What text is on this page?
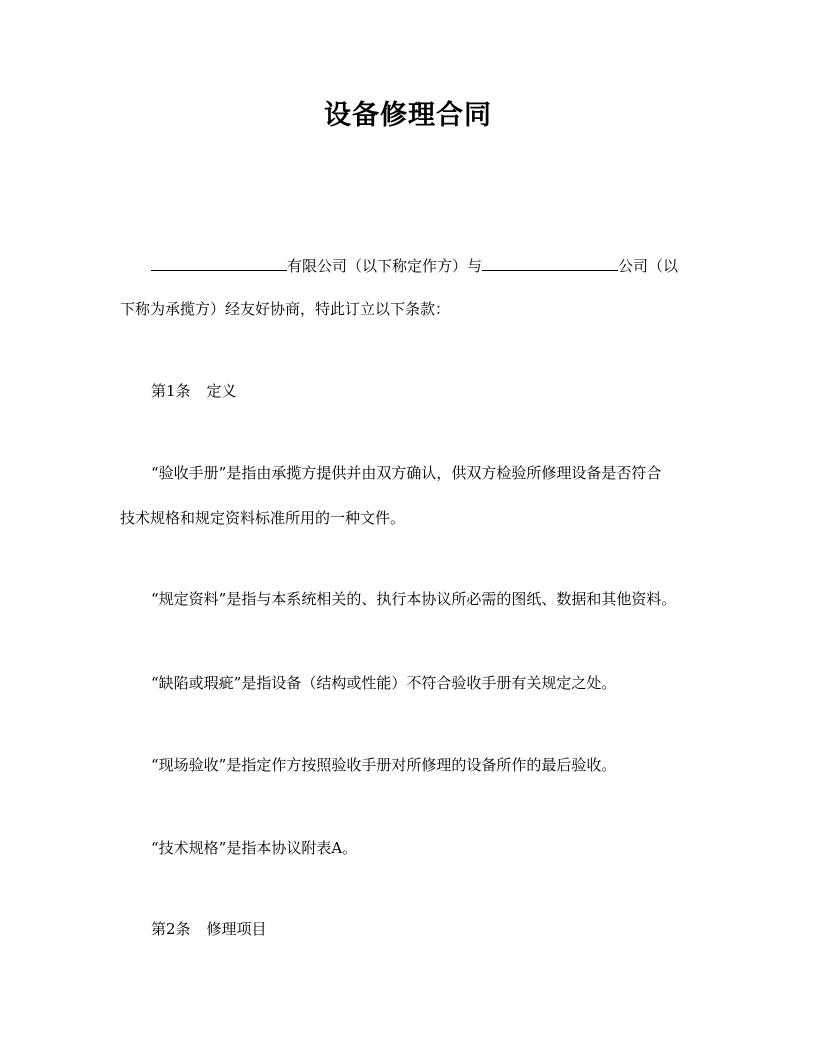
设备修理合同
有限公司（以下称定作方）与	公司（以
下称为承揽方）经友好协商，特此订立以下条款：
第1条 定义
“验收手册”是指由承揽方提供并由双方确认，供双方检验所修理设备是否符合
技术规格和规定资料标准所用的一种文件。
“规定资料”是指与本系统相关的、执行本协议所必需的图纸、数据和其他资料。
“缺陷或瑕疵”是指设备（结构或性能）不符合验收手册有关规定之处。
“现场验收”是指定作方按照验收手册对所修理的设备所作的最后验收。
“技术规格”是指本协议附表A。
第2条 修理项目
